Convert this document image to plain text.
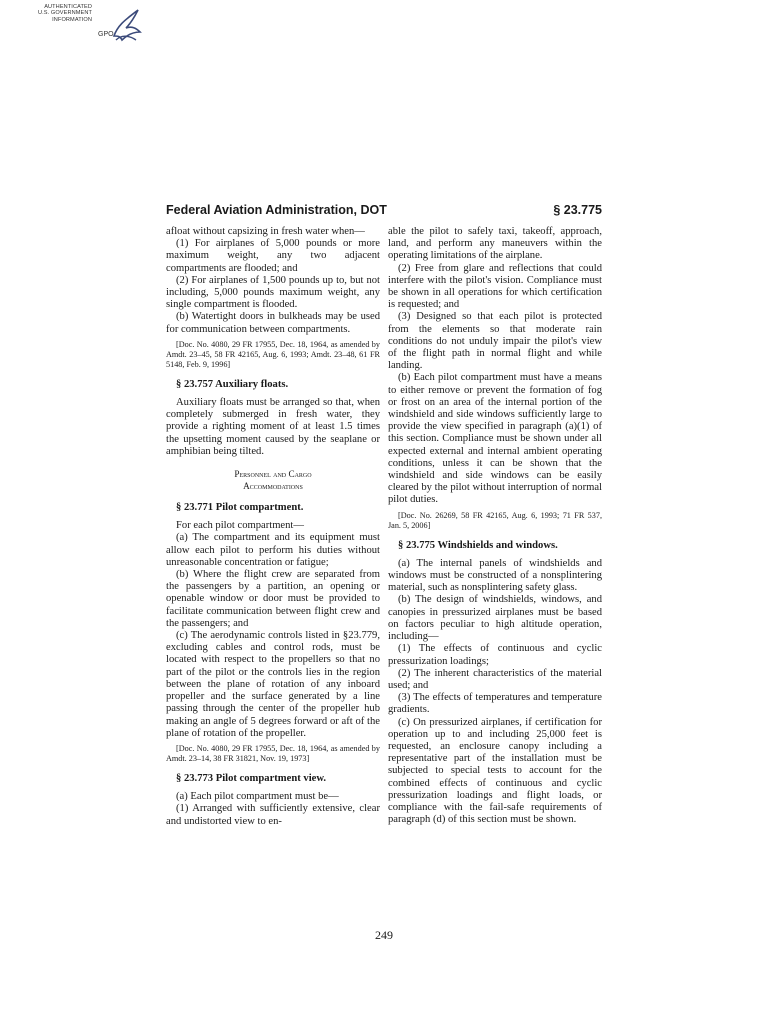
AUTHENTICATED
U.S. GOVERNMENT
INFORMATION
GPO
Federal Aviation Administration, DOT	§ 23.775

afloat without capsizing in fresh water when—

(1) For airplanes of 5,000 pounds or more maximum weight, any two adjacent compartments are flooded; and

(2) For airplanes of 1,500 pounds up to, but not including, 5,000 pounds maximum weight, any single compartment is flooded.

(b) Watertight doors in bulkheads may be used for communication between compartments.

[Doc. No. 4080, 29 FR 17955, Dec. 18, 1964, as amended by Amdt. 23–45, 58 FR 42165, Aug. 6, 1993; Amdt. 23–48, 61 FR 5148, Feb. 9, 1996]

§ 23.757 Auxiliary floats.

Auxiliary floats must be arranged so that, when completely submerged in fresh water, they provide a righting moment of at least 1.5 times the upsetting moment caused by the seaplane or amphibian being tilted.

Personnel and Cargo
Accommodations
§ 23.771 Pilot compartment.

For each pilot compartment—

(a) The compartment and its equipment must allow each pilot to perform his duties without unreasonable concentration or fatigue;

(b) Where the flight crew are separated from the passengers by a partition, an opening or openable window or door must be provided to facilitate communication between flight crew and the passengers; and

(c) The aerodynamic controls listed in §23.779, excluding cables and control rods, must be located with respect to the propellers so that no part of the pilot or the controls lies in the region between the plane of rotation of any inboard propeller and the surface generated by a line passing through the center of the propeller hub making an angle of 5 degrees forward or aft of the plane of rotation of the propeller.

[Doc. No. 4080, 29 FR 17955, Dec. 18, 1964, as amended by Amdt. 23–14, 38 FR 31821, Nov. 19, 1973]

§ 23.773 Pilot compartment view.

(a) Each pilot compartment must be—

(1) Arranged with sufficiently extensive, clear and undistorted view to en-

able the pilot to safely taxi, takeoff, approach, land, and perform any maneuvers within the operating limitations of the airplane.

(2) Free from glare and reflections that could interfere with the pilot's vision. Compliance must be shown in all operations for which certification is requested; and

(3) Designed so that each pilot is protected from the elements so that moderate rain conditions do not unduly impair the pilot's view of the flight path in normal flight and while landing.

(b) Each pilot compartment must have a means to either remove or prevent the formation of fog or frost on an area of the internal portion of the windshield and side windows sufficiently large to provide the view specified in paragraph (a)(1) of this section. Compliance must be shown under all expected external and internal ambient operating conditions, unless it can be shown that the windshield and side windows can be easily cleared by the pilot without interruption of normal pilot duties.

[Doc. No. 26269, 58 FR 42165, Aug. 6, 1993; 71 FR 537, Jan. 5, 2006]

§ 23.775 Windshields and windows.

(a) The internal panels of windshields and windows must be constructed of a nonsplintering material, such as nonsplintering safety glass.

(b) The design of windshields, windows, and canopies in pressurized airplanes must be based on factors peculiar to high altitude operation, including—

(1) The effects of continuous and cyclic pressurization loadings;

(2) The inherent characteristics of the material used; and

(3) The effects of temperatures and temperature gradients.

(c) On pressurized airplanes, if certification for operation up to and including 25,000 feet is requested, an enclosure canopy including a representative part of the installation must be subjected to special tests to account for the combined effects of continuous and cyclic pressurization loadings and flight loads, or compliance with the fail-safe requirements of paragraph (d) of this section must be shown.

249
